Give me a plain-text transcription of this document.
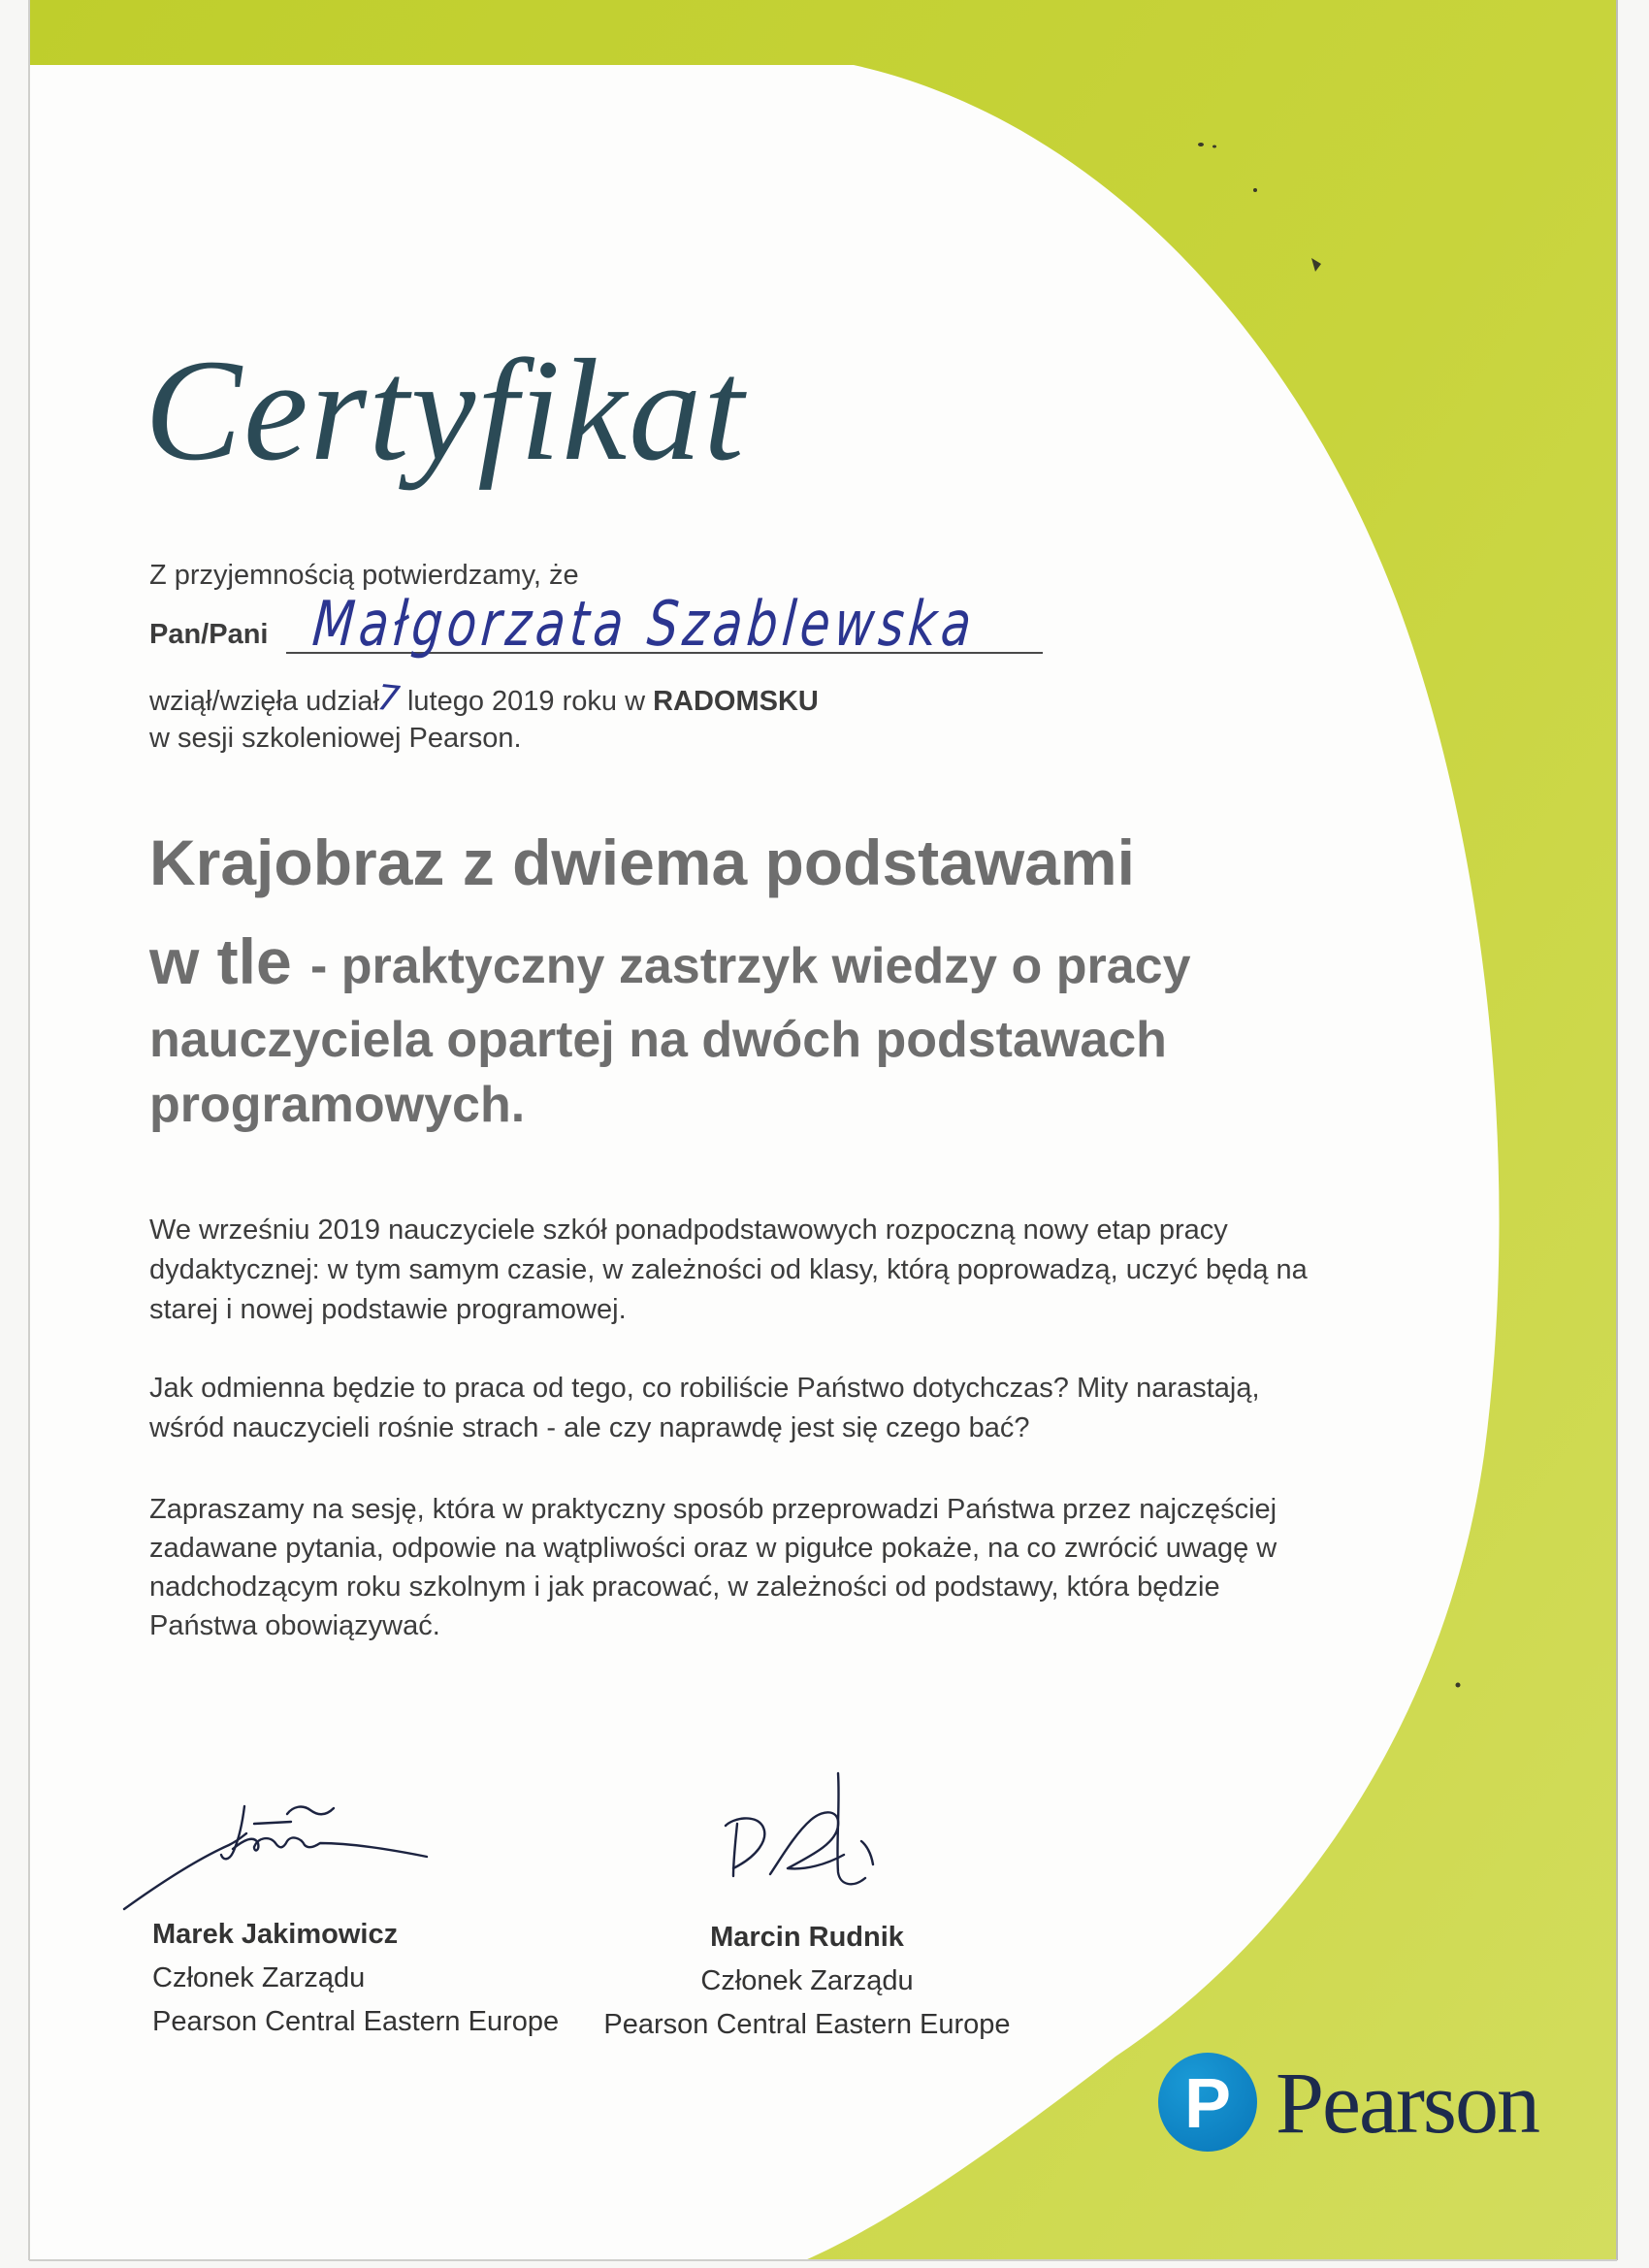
Certyfikat
Z przyjemnością potwierdzamy, że
Pan/Pani Małgorzata Szablewska
wziął/wzięła udział 7 lutego 2019 roku w RADOMSKU
w sesji szkoleniowej Pearson.
Krajobraz z dwiema podstawami
w tle - praktyczny zastrzyk wiedzy o pracy
nauczyciela opartej na dwóch podstawach
programowych.
We wrześniu 2019 nauczyciele szkół ponadpodstawowych rozpoczną nowy etap pracy
dydaktycznej: w tym samym czasie, w zależności od klasy, którą poprowadzą, uczyć będą na
starej i nowej podstawie programowej.
Jak odmienna będzie to praca od tego, co robiliście Państwo dotychczas? Mity narastają,
wśród nauczycieli rośnie strach - ale czy naprawdę jest się czego bać?
Zapraszamy na sesję, która w praktyczny sposób przeprowadzi Państwa przez najczęściej
zadawane pytania, odpowie na wątpliwości oraz w pigułce pokaże, na co zwrócić uwagę w
nadchodzącym roku szkolnym i jak pracować, w zależności od podstawy, która będzie
Państwa obowiązywać.
Marek Jakimowicz
Członek Zarządu
Pearson Central Eastern Europe
Marcin Rudnik
Członek Zarządu
Pearson Central Eastern Europe
P Pearson
